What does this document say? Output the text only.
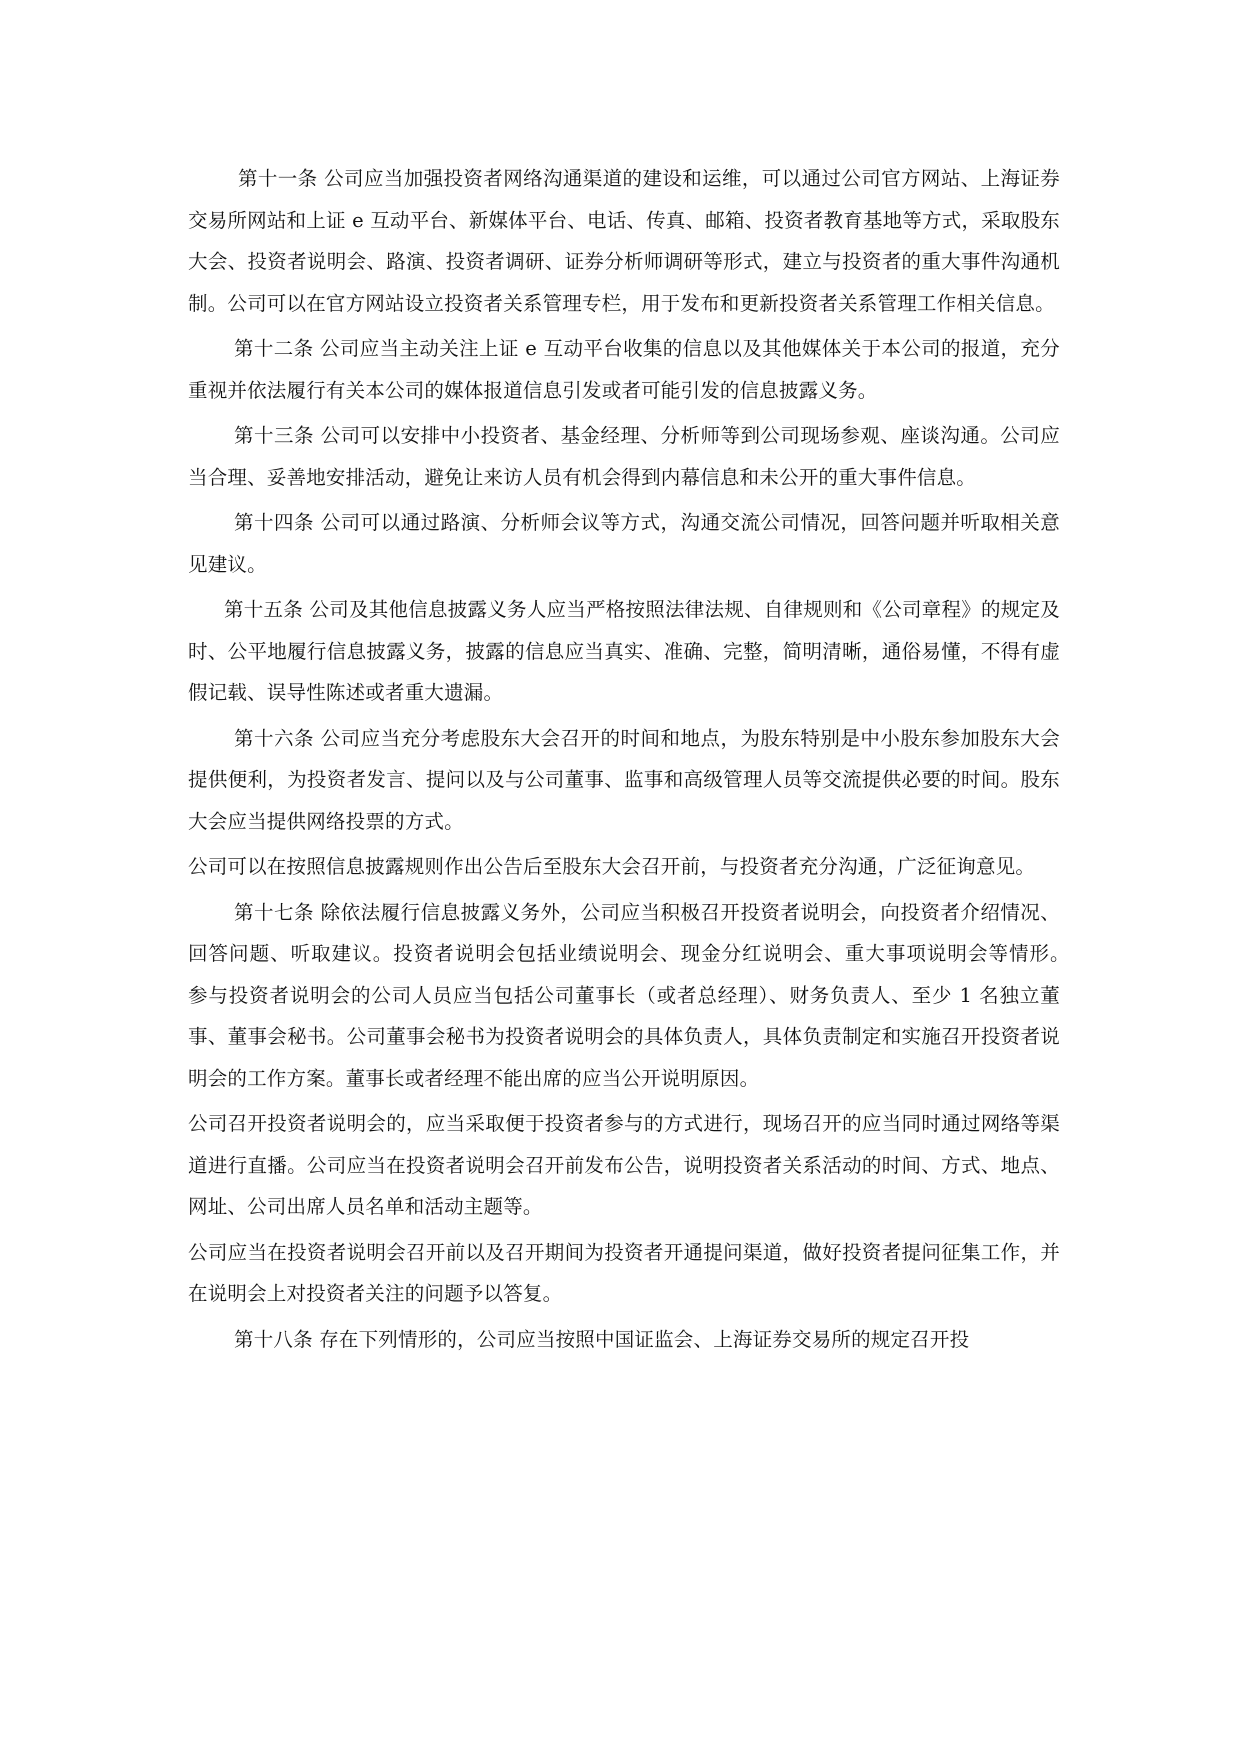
第十一条 公司应当加强投资者网络沟通渠道的建设和运维，可以通过公司官方网站、上海证券交易所网站和上证 e 互动平台、新媒体平台、电话、传真、邮箱、投资者教育基地等方式，采取股东大会、投资者说明会、路演、投资者调研、证券分析师调研等形式，建立与投资者的重大事件沟通机制。公司可以在官方网站设立投资者关系管理专栏，用于发布和更新投资者关系管理工作相关信息。

第十二条 公司应当主动关注上证 e 互动平台收集的信息以及其他媒体关于本公司的报道，充分重视并依法履行有关本公司的媒体报道信息引发或者可能引发的信息披露义务。

第十三条 公司可以安排中小投资者、基金经理、分析师等到公司现场参观、座谈沟通。公司应当合理、妥善地安排活动，避免让来访人员有机会得到内幕信息和未公开的重大事件信息。

第十四条 公司可以通过路演、分析师会议等方式，沟通交流公司情况，回答问题并听取相关意见建议。

第十五条 公司及其他信息披露义务人应当严格按照法律法规、自律规则和《公司章程》的规定及时、公平地履行信息披露义务，披露的信息应当真实、准确、完整，简明清晰，通俗易懂，不得有虚假记载、误导性陈述或者重大遗漏。

第十六条 公司应当充分考虑股东大会召开的时间和地点，为股东特别是中小股东参加股东大会提供便利，为投资者发言、提问以及与公司董事、监事和高级管理人员等交流提供必要的时间。股东大会应当提供网络投票的方式。

公司可以在按照信息披露规则作出公告后至股东大会召开前，与投资者充分沟通，广泛征询意见。

第十七条 除依法履行信息披露义务外，公司应当积极召开投资者说明会，向投资者介绍情况、回答问题、听取建议。投资者说明会包括业绩说明会、现金分红说明会、重大事项说明会等情形。　参与投资者说明会的公司人员应当包括公司董事长（或者总经理）、财务负责人、至少 1 名独立董事、董事会秘书。公司董事会秘书为投资者说明会的具体负责人，具体负责制定和实施召开投资者说明会的工作方案。董事长或者经理不能出席的应当公开说明原因。

公司召开投资者说明会的，应当采取便于投资者参与的方式进行，现场召开的应当同时通过网络等渠道进行直播。公司应当在投资者说明会召开前发布公告，说明投资者关系活动的时间、方式、地点、网址、公司出席人员名单和活动主题等。

公司应当在投资者说明会召开前以及召开期间为投资者开通提问渠道，做好投资者提问征集工作，并在说明会上对投资者关注的问题予以答复。

第十八条 存在下列情形的，公司应当按照中国证监会、上海证券交易所的规定召开投
